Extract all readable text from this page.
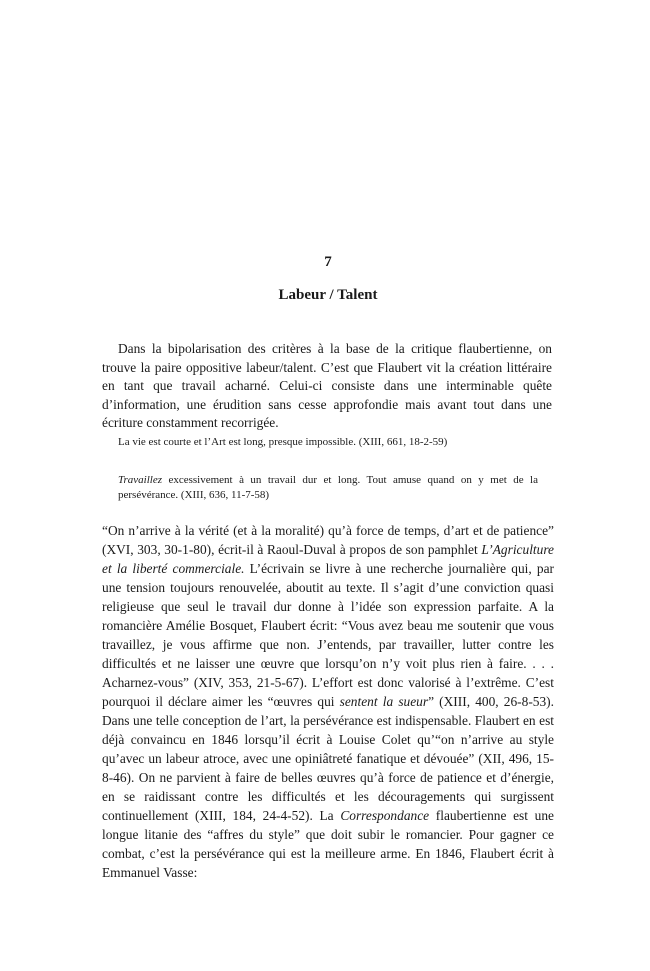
7
Labeur / Talent

Dans la bipolarisation des critères à la base de la critique flaubertienne, on trouve la paire oppositive labeur/talent. C’est que Flaubert vit la création littéraire en tant que travail acharné. Celui-ci consiste dans une interminable quête d’information, une érudition sans cesse approfondie mais avant tout dans une écriture constamment recorrigée.

La vie est courte et l’Art est long, presque impossible. (XIII, 661, 18-2-59)

Travaillez excessivement à un travail dur et long. Tout amuse quand on y met de la persévérance. (XIII, 636, 11-7-58)

“On n’arrive à la vérité (et à la moralité) qu’à force de temps, d’art et de patience” (XVI, 303, 30-1-80), écrit-il à Raoul-Duval à propos de son pamphlet L’Agriculture et la liberté commerciale. L’écrivain se livre à une recherche journalière qui, par une tension toujours renouvelée, aboutit au texte. Il s’agit d’une conviction quasi religieuse que seul le travail dur donne à l’idée son expression parfaite. A la romancière Amélie Bosquet, Flaubert écrit: “Vous avez beau me soutenir que vous travaillez, je vous affirme que non. J’entends, par travailler, lutter contre les difficultés et ne laisser une œuvre que lorsqu’on n’y voit plus rien à faire. . . . Acharnez-vous” (XIV, 353, 21-5-67). L’effort est donc valorisé à l’extrême. C’est pourquoi il déclare aimer les “œuvres qui sentent la sueur” (XIII, 400, 26-8-53). Dans une telle conception de l’art, la persévérance est indispensable. Flaubert en est déjà convaincu en 1846 lorsqu’il écrit à Louise Colet qu’“on n’arrive au style qu’avec un labeur atroce, avec une opiniâtreté fanatique et dévouée” (XII, 496, 15-8-46). On ne parvient à faire de belles œuvres qu’à force de patience et d’énergie, en se raidissant contre les difficultés et les découragements qui surgissent continuellement (XIII, 184, 24-4-52). La Correspondance flaubertienne est une longue litanie des “affres du style” que doit subir le romancier. Pour gagner ce combat, c’est la persévérance qui est la meilleure arme. En 1846, Flaubert écrit à Emmanuel Vasse:
